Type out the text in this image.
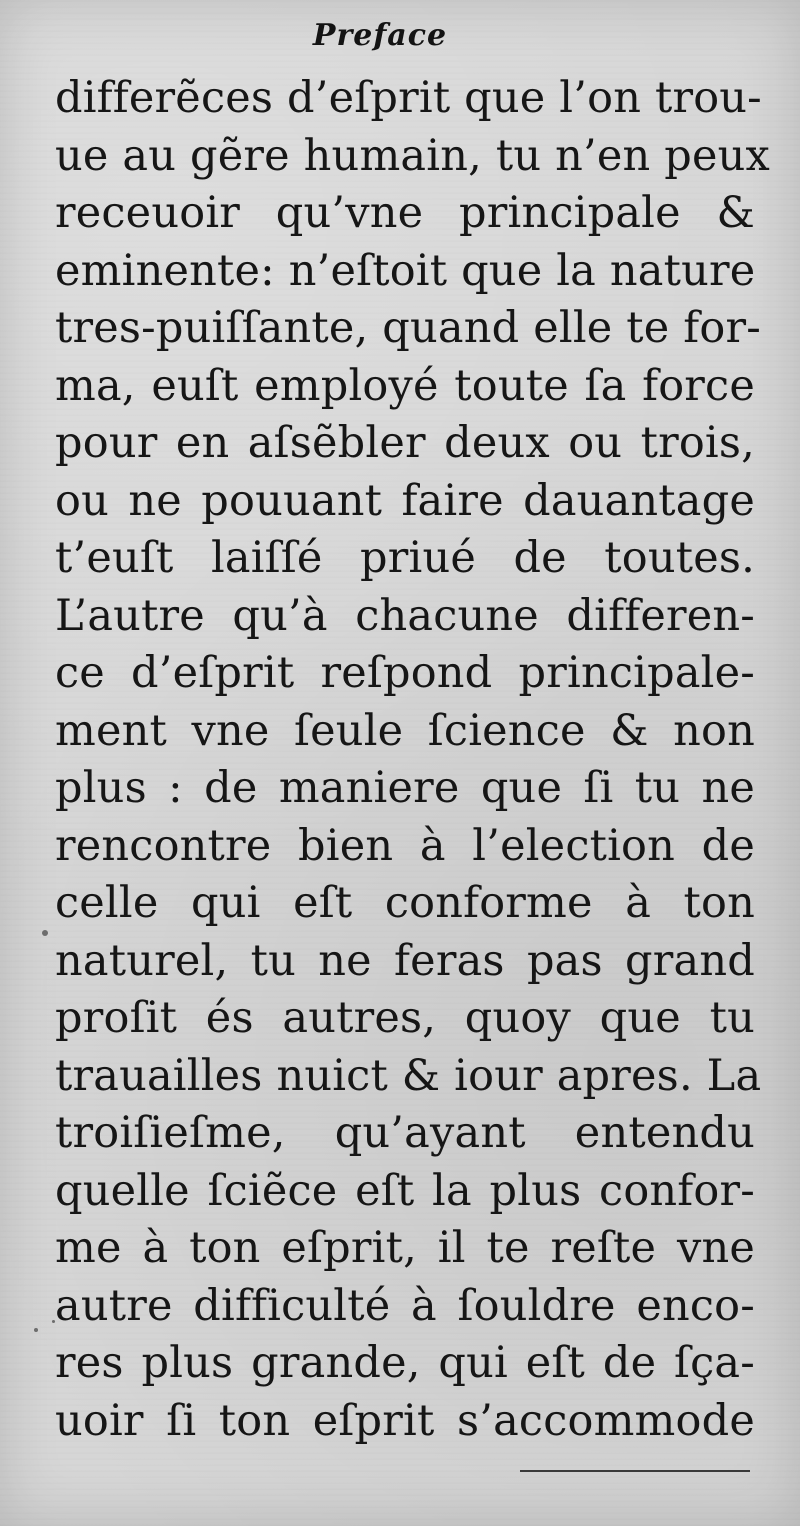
Preface
differẽces d’eſprit que l’on trou-
ue au gẽre humain, tu n’en peux
receuoir qu’vne principale &
eminente: n’eſtoit que la nature
tres-puiſſante, quand elle te for-
ma, euſt employé toute ſa force
pour en aſsẽbler deux ou trois,
ou ne pouuant faire dauantage
t’euſt laiſſé priué de toutes.
L’autre qu’à chacune differen-
ce d’eſprit reſpond principale-
ment vne ſeule ſcience & non
plus : de maniere que ſi tu ne
rencontre bien à l’election de
celle qui eſt conforme à ton
naturel, tu ne feras pas grand
proſit és autres, quoy que tu
trauailles nuict & iour apres. La
troiſieſme, qu’ayant entendu
quelle ſciẽce eſt la plus confor-
me à ton eſprit, il te reſte vne
autre difficulté à ſouldre enco-
res plus grande, qui eſt de ſça-
uoir ſi ton eſprit s’accommode
